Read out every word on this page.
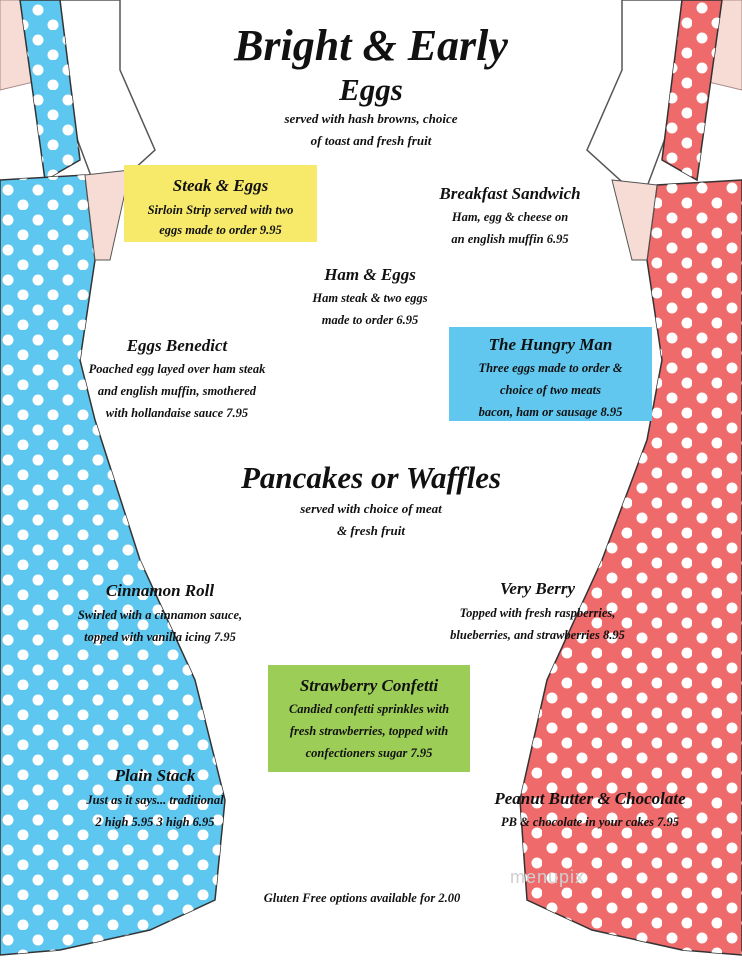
Bright & Early
Eggs
served with hash browns, choice
of toast and fresh fruit
Steak & Eggs
Sirloin Strip served with two
eggs made to order 9.95
Breakfast Sandwich
Ham, egg & cheese on
an english muffin 6.95
Ham & Eggs
Ham steak & two eggs
made to order 6.95
Eggs Benedict
Poached egg layed over ham steak
and english muffin, smothered
with hollandaise sauce 7.95
The Hungry Man
Three eggs made to order &
choice of two meats
bacon, ham or sausage 8.95
Pancakes or Waffles
served with choice of meat
& fresh fruit
Cinnamon Roll
Swirled with a cinnamon sauce,
topped with vanilla icing 7.95
Very Berry
Topped with fresh raspberries,
blueberries, and strawberries 8.95
Strawberry Confetti
Candied confetti sprinkles with
fresh strawberries, topped with
confectioners sugar 7.95
Plain Stack
Just as it says... traditional
2 high 5.95 3 high 6.95
Peanut Butter & Chocolate
PB & chocolate in your cakes 7.95
Gluten Free options available for 2.00
menupix
